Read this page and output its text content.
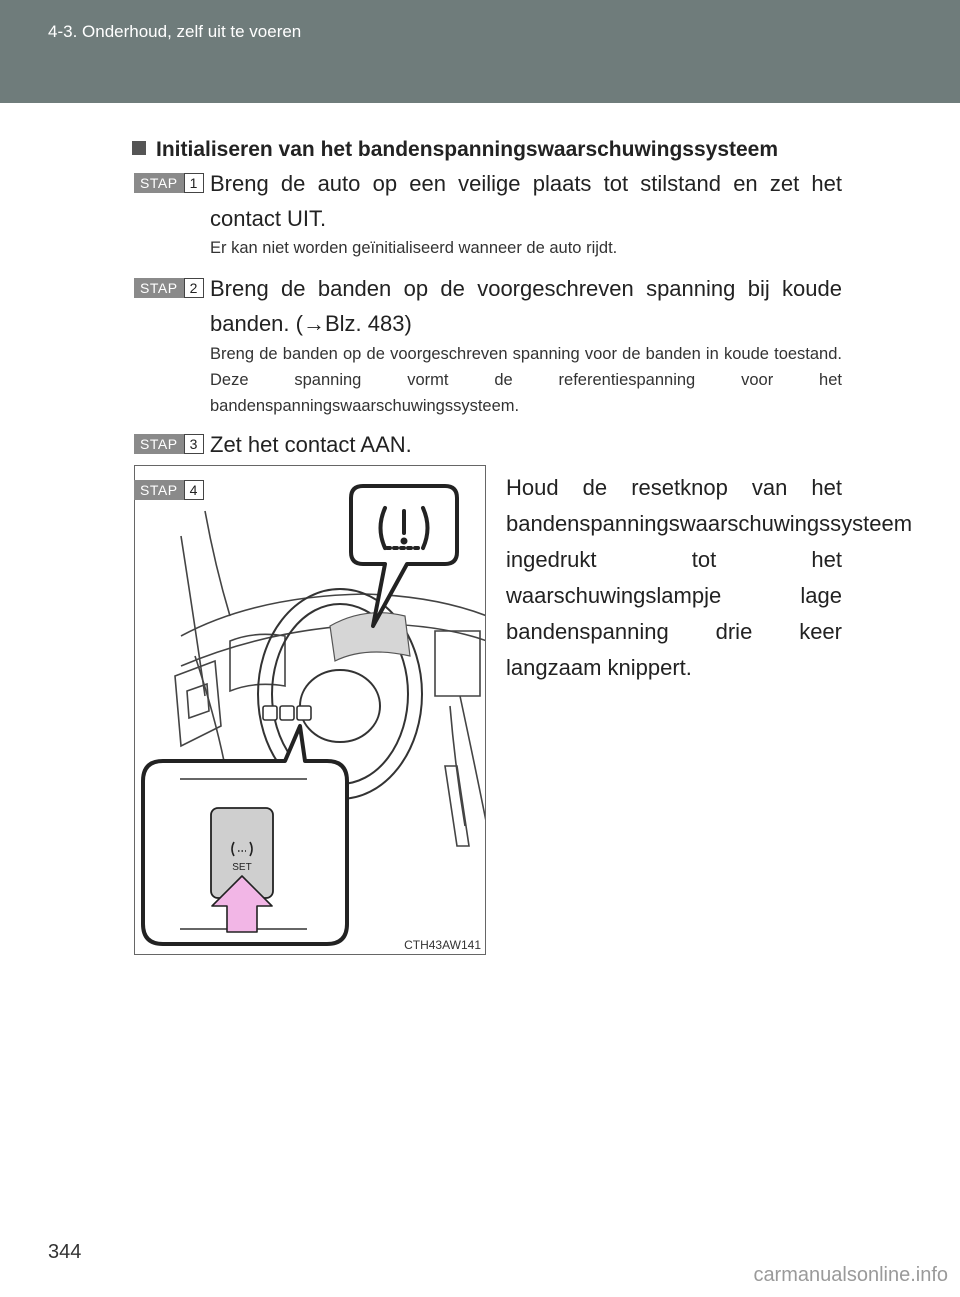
4-3. Onderhoud, zelf uit te voeren
Initialiseren van het bandenspanningswaarschuwingssysteem
STAP 1 Breng de auto op een veilige plaats tot stilstand en zet het contact UIT.
Er kan niet worden geïnitialiseerd wanneer de auto rijdt.
STAP 2 Breng de banden op de voorgeschreven spanning bij koude banden. (→Blz. 483)
Breng de banden op de voorgeschreven spanning voor de banden in koude toestand. Deze spanning vormt de referentiespanning voor het bandenspanningswaarschuwingssysteem.
STAP 3 Zet het contact AAN.
STAP 4	Houd de resetknop van het bandenspanningswaarschuwingssysteem ingedrukt tot het waarschuwingslampje lage bandenspanning drie keer langzaam knippert.
SET
CTH43AW141
344
carmanualsonline.info
